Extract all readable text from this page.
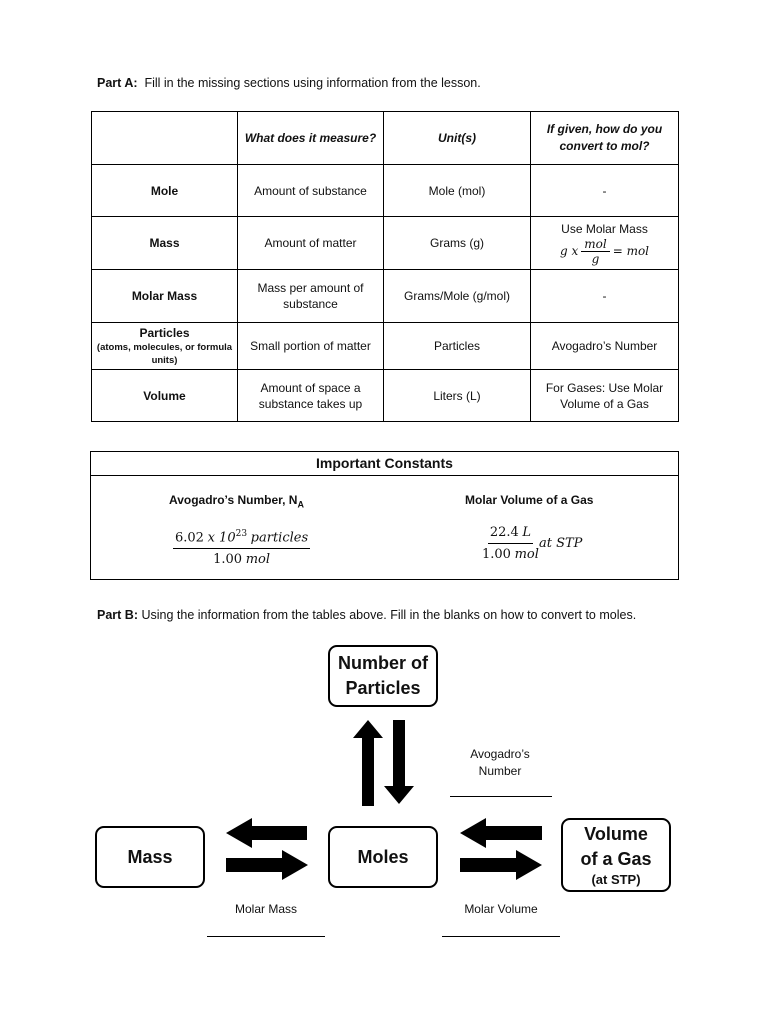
Part A: Fill in the missing sections using information from the lesson.
	What does it measure?	Unit(s)	If given, how do you convert to mol?
Mole	Amount of substance	Mole (mol)	-
Mass	Amount of matter	Grams (g)	Use Molar Mass
g x $\frac{\text{mol}}{g}$ = mol

Molar Mass	Mass per amount of substance	Grams/Mole (g/mol)	-
Particles
(atoms, molecules, or formula units)	Small portion of matter	Particles	Avogadro’s Number
Volume	Amount of space a substance takes up	Liters (L)	For Gases: Use Molar Volume of a Gas
Important Constants
Avogadro’s Number, $N_A$
6.02 x $10^{23}$ particles
1.00 mol
Molar Volume of a Gas
22.4 L
1.00 mol
at STP
Part B: Using the information from the tables above. Fill in the blanks on how to convert to moles.
Number of
Particles
Mass	Moles
Volume
of a Gas
(at STP)
Avogadro’s
Number
Molar Mass	Molar Volume
